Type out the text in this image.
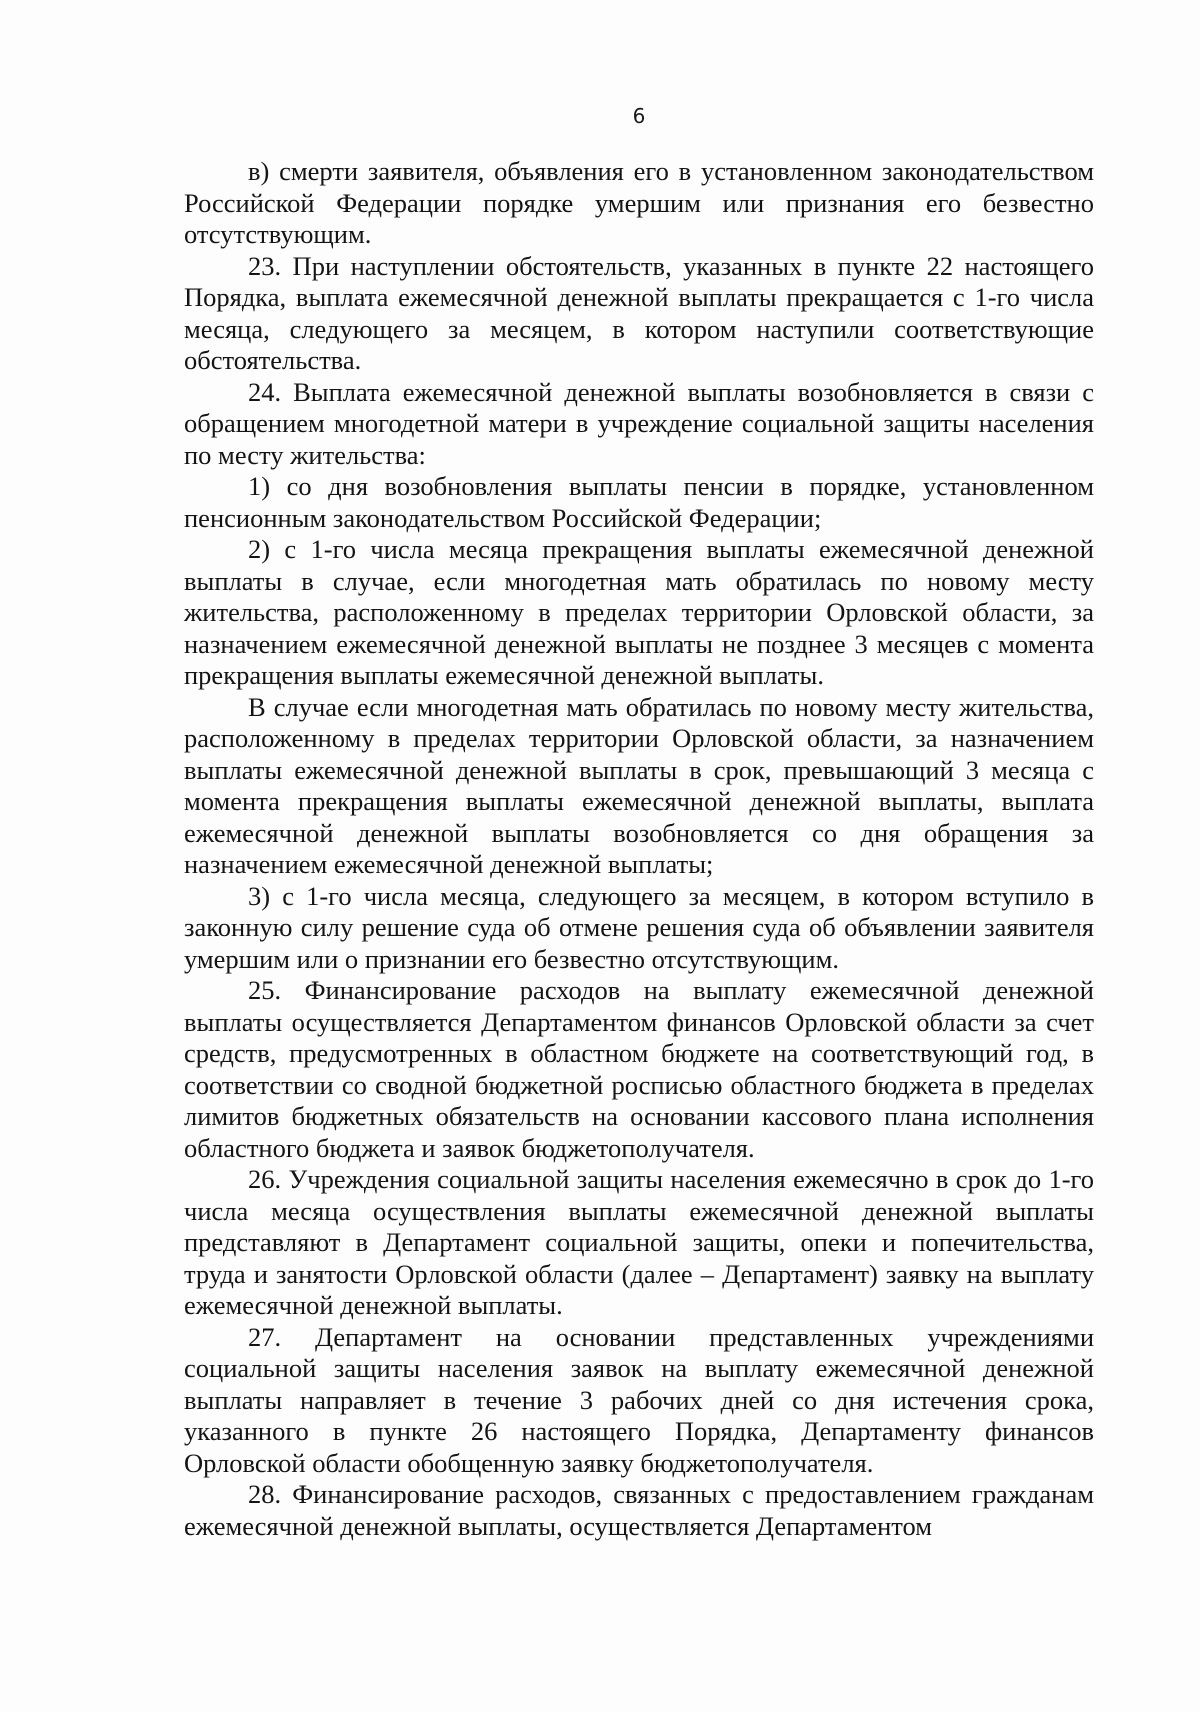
6

в) смерти заявителя, объявления его в установленном законодательством Российской Федерации порядке умершим или признания его безвестно отсутствующим.

23. При наступлении обстоятельств, указанных в пункте 22 настоящего Порядка, выплата ежемесячной денежной выплаты прекращается с 1-го числа месяца, следующего за месяцем, в котором наступили соответствующие обстоятельства.

24. Выплата ежемесячной денежной выплаты возобновляется в связи с обращением многодетной матери в учреждение социальной защиты населения по месту жительства:

1) со дня возобновления выплаты пенсии в порядке, установленном пенсионным законодательством Российской Федерации;

2) с 1-го числа месяца прекращения выплаты ежемесячной денежной выплаты в случае, если многодетная мать обратилась по новому месту жительства, расположенному в пределах территории Орловской области, за назначением ежемесячной денежной выплаты не позднее 3 месяцев с момента прекращения выплаты ежемесячной денежной выплаты.

В случае если многодетная мать обратилась по новому месту жительства, расположенному в пределах территории Орловской области, за назначением выплаты ежемесячной денежной выплаты в срок, превышающий 3 месяца с момента прекращения выплаты ежемесячной денежной выплаты, выплата ежемесячной денежной выплаты возобновляется со дня обращения за назначением ежемесячной денежной выплаты;

3) с 1-го числа месяца, следующего за месяцем, в котором вступило в законную силу решение суда об отмене решения суда об объявлении заявителя умершим или о признании его безвестно отсутствующим.

25. Финансирование расходов на выплату ежемесячной денежной выплаты осуществляется Департаментом финансов Орловской области за счет средств, предусмотренных в областном бюджете на соответствующий год, в соответствии со сводной бюджетной росписью областного бюджета в пределах лимитов бюджетных обязательств на основании кассового плана исполнения областного бюджета и заявок бюджетополучателя.

26. Учреждения социальной защиты населения ежемесячно в срок до 1-го числа месяца осуществления выплаты ежемесячной денежной выплаты представляют в Департамент социальной защиты, опеки и попечительства, труда и занятости Орловской области (далее – Департамент) заявку на выплату ежемесячной денежной выплаты.

27. Департамент на основании представленных учреждениями социальной защиты населения заявок на выплату ежемесячной денежной выплаты направляет в течение 3 рабочих дней со дня истечения срока, указанного в пункте 26 настоящего Порядка, Департаменту финансов Орловской области обобщенную заявку бюджетополучателя.

28. Финансирование расходов, связанных с предоставлением гражданам ежемесячной денежной выплаты, осуществляется Департаментом
